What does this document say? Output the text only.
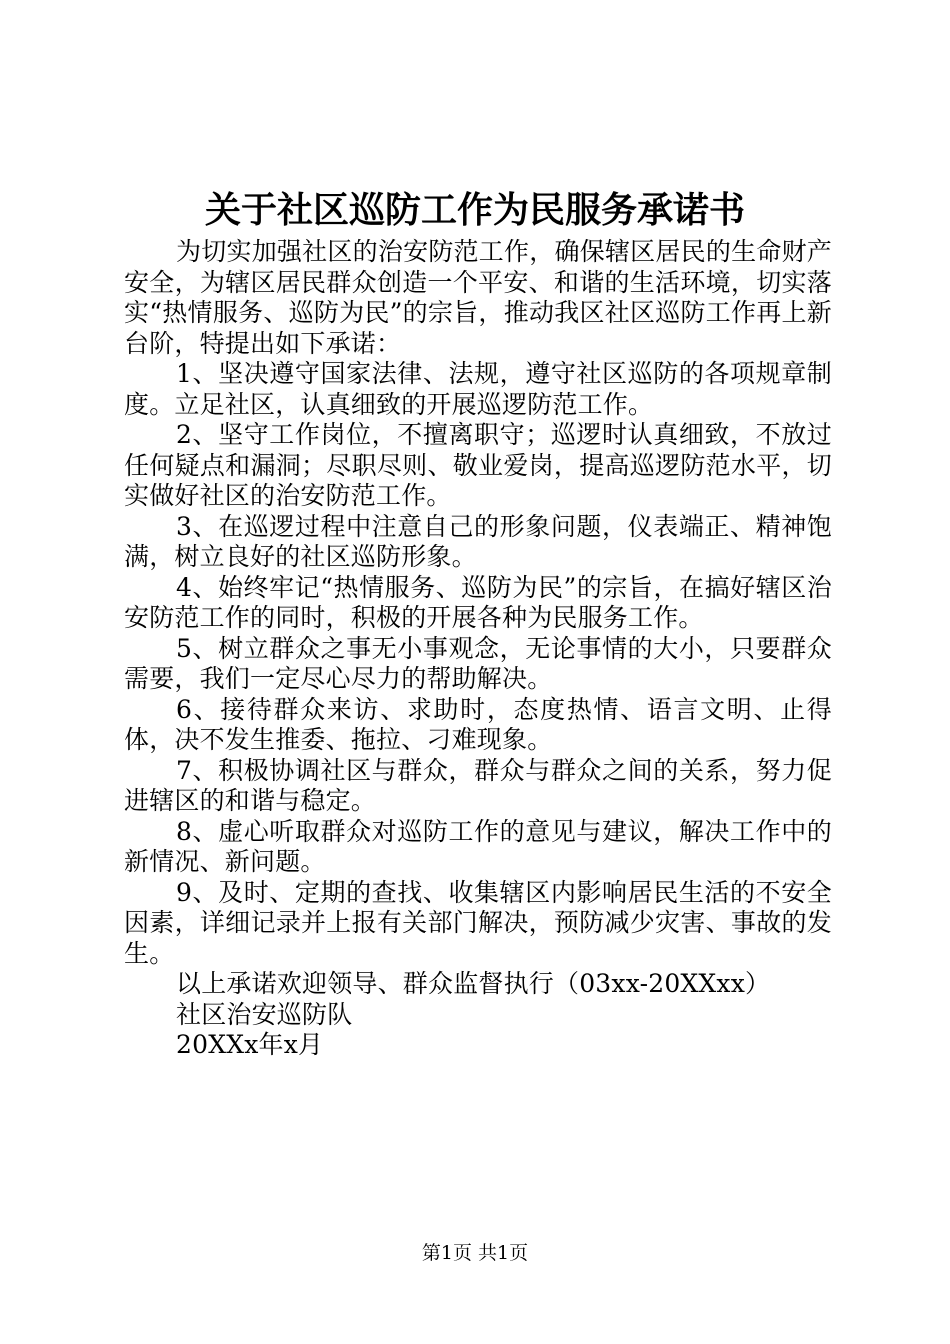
关于社区巡防工作为民服务承诺书

为切实加强社区的治安防范工作，确保辖区居民的生命财产安全，为辖区居民群众创造一个平安、和谐的生活环境，切实落实“热情服务、巡防为民”的宗旨，推动我区社区巡防工作再上新台阶，特提出如下承诺：

1、坚决遵守国家法律、法规，遵守社区巡防的各项规章制度。立足社区，认真细致的开展巡逻防范工作。

2、坚守工作岗位，不擅离职守；巡逻时认真细致，不放过任何疑点和漏洞；尽职尽则、敬业爱岗，提高巡逻防范水平，切实做好社区的治安防范工作。

3、在巡逻过程中注意自己的形象问题，仪表端正、精神饱满，树立良好的社区巡防形象。

4、始终牢记“热情服务、巡防为民”的宗旨，在搞好辖区治安防范工作的同时，积极的开展各种为民服务工作。

5、树立群众之事无小事观念，无论事情的大小，只要群众需要，我们一定尽心尽力的帮助解决。

6、接待群众来访、求助时，态度热情、语言文明、止得体，决不发生推委、拖拉、刁难现象。

7、积极协调社区与群众，群众与群众之间的关系，努力促进辖区的和谐与稳定。

8、虚心听取群众对巡防工作的意见与建议，解决工作中的新情况、新问题。

9、及时、定期的查找、收集辖区内影响居民生活的不安全因素，详细记录并上报有关部门解决，预防减少灾害、事故的发生。

以上承诺欢迎领导、群众监督执行（03xx-20XXxx）

社区治安巡防队

20XXx年x月

第1页 共1页
